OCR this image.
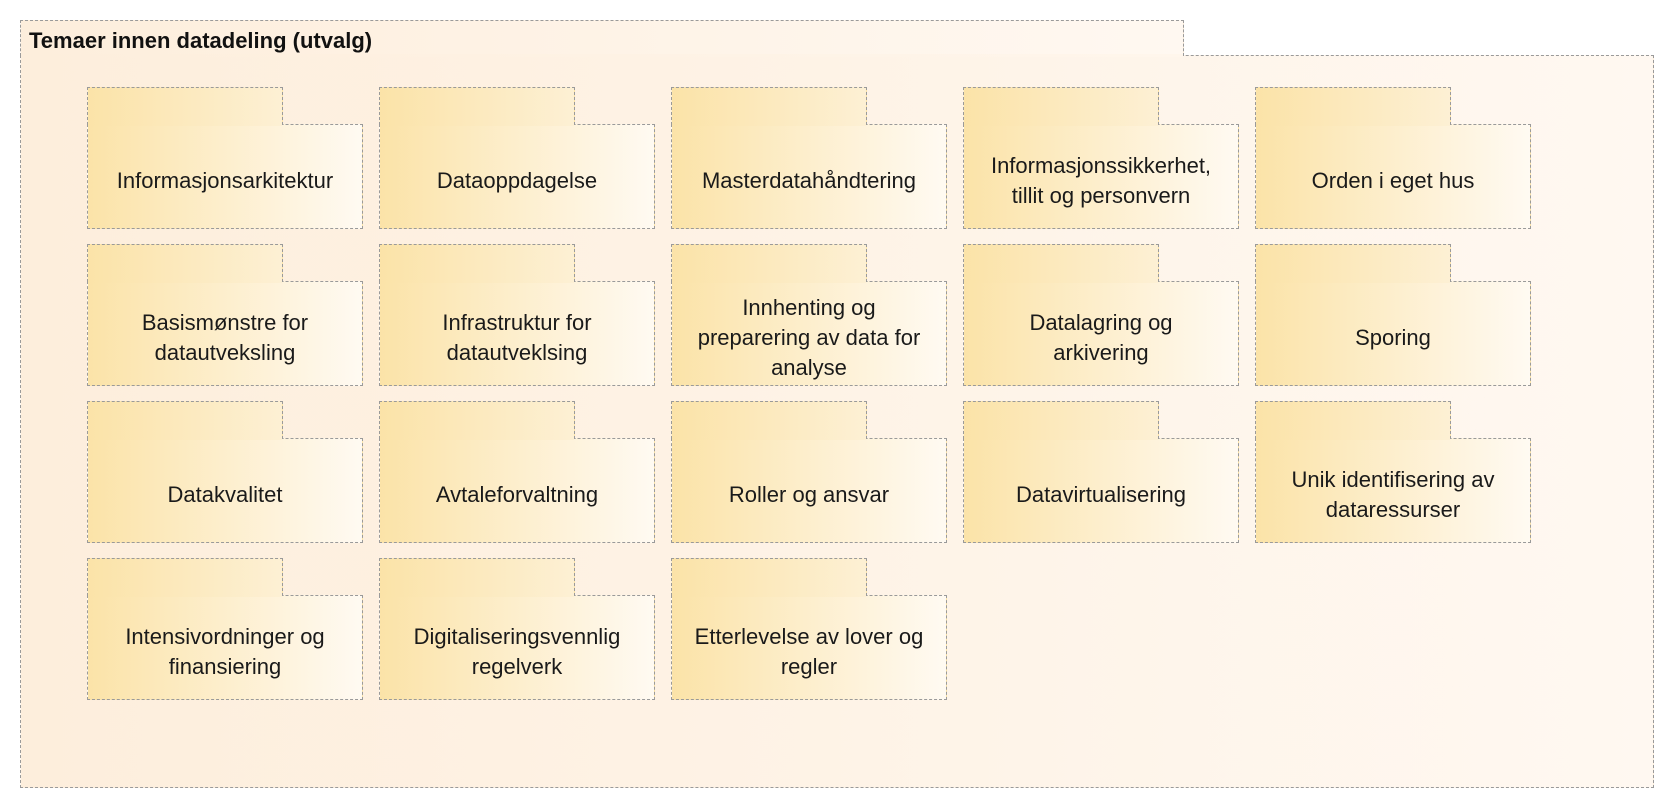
Temaer innen datadeling (utvalg)
Informasjonsarkitektur	Dataoppdagelse	Masterdatahåndtering
Informasjonssikkerhet,
tillit og personvern
Orden i eget hus
Basismønstre for
datautveksling
Infrastruktur for
datautveklsing
Innhenting og
preparering av data for
analyse
Datalagring og
arkivering
Sporing
Datakvalitet	Avtaleforvaltning	Roller og ansvar	Datavirtualisering
Unik identifisering av
dataressurser
Intensivordninger og
finansiering
Digitaliseringsvennlig
regelverk
Etterlevelse av lover og
regler
